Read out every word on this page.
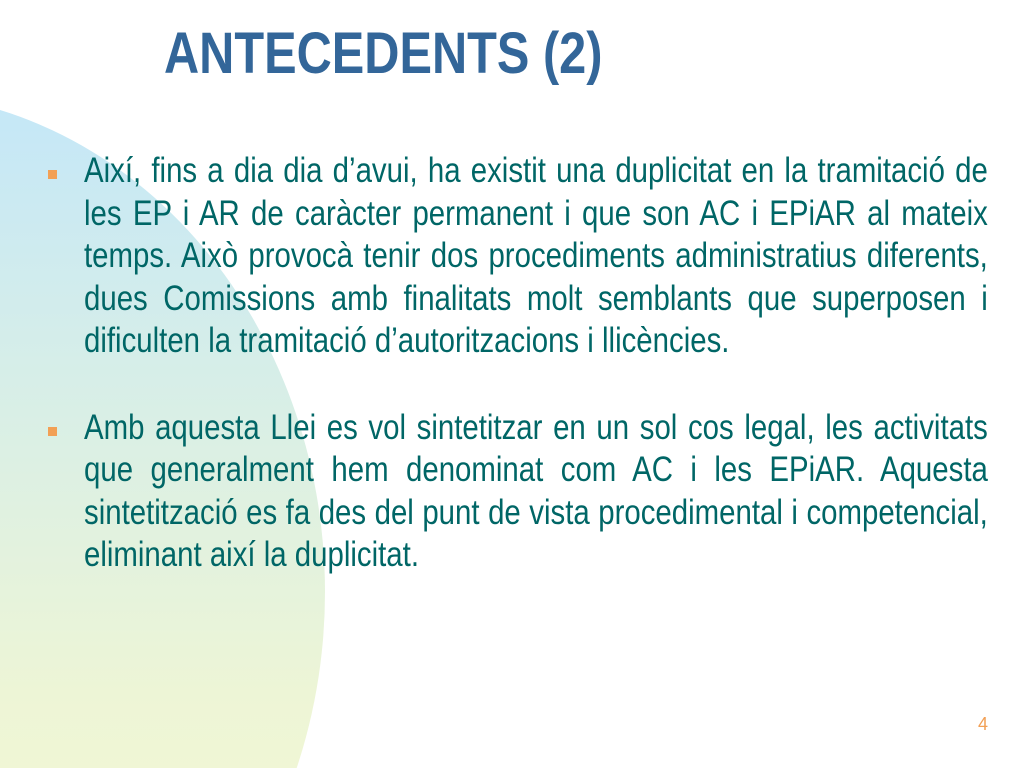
ANTECEDENTS (2)

Així, fins a dia dia d’avui, ha existit una duplicitat en la tramitació de les EP i AR de caràcter permanent i que son AC i EPiAR al mateix temps. Això provocà tenir dos procediments administratius diferents, dues Comissions amb finalitats molt semblants que superposen i dificulten la tramitació d’autoritzacions i llicències.

Amb aquesta Llei es vol sintetitzar en un sol cos legal, les activitats que generalment hem denominat com AC i les EPiAR. Aquesta sintetització es fa des del punt de vista procedimental i competencial, eliminant així la duplicitat.

4
